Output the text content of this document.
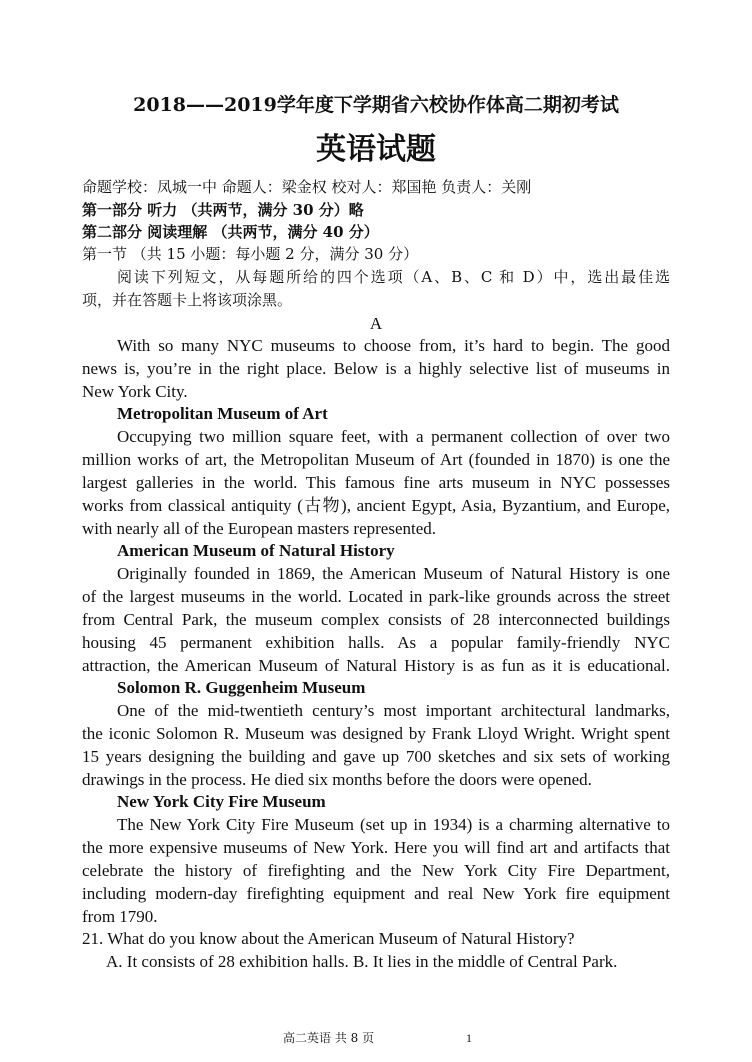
2018——2019学年度下学期省六校协作体高二期初考试
英语试题
命题学校：凤城一中 命题人：梁金权 校对人：郑国艳 负责人：关刚
第一部分 听力 （共两节，满分 30 分）略
第二部分 阅读理解 （共两节，满分 40 分）
第一节 （共 15 小题：每小题 2 分，满分 30 分）
阅读下列短文，从每题所给的四个选项（A、B、C 和 D）中，选出最佳选
项，并在答题卡上将该项涂黑。
A
With so many NYC museums to choose from, it’s hard to begin. The good
news is, you’re in the right place. Below is a highly selective list of museums in
New York City.
Metropolitan Museum of Art
Occupying two million square feet, with a permanent collection of over two
million works of art, the Metropolitan Museum of Art (founded in 1870) is one the
largest galleries in the world. This famous fine arts museum in NYC possesses
works from classical antiquity (古物), ancient Egypt, Asia, Byzantium, and Europe,
with nearly all of the European masters represented.
American Museum of Natural History
Originally founded in 1869, the American Museum of Natural History is one
of the largest museums in the world. Located in park-like grounds across the street
from Central Park, the museum complex consists of 28 interconnected buildings
housing 45 permanent exhibition halls. As a popular family-friendly NYC
attraction, the American Museum of Natural History is as fun as it is educational.
Solomon R. Guggenheim Museum
One of the mid-twentieth century’s most important architectural landmarks,
the iconic Solomon R. Museum was designed by Frank Lloyd Wright. Wright spent
15 years designing the building and gave up 700 sketches and six sets of working
drawings in the process. He died six months before the doors were opened.
New York City Fire Museum
The New York City Fire Museum (set up in 1934) is a charming alternative to
the more expensive museums of New York. Here you will find art and artifacts that
celebrate the history of firefighting and the New York City Fire Department,
including modern-day firefighting equipment and real New York fire equipment
from 1790.
21. What do you know about the American Museum of Natural History?
A. It consists of 28 exhibition halls. B. It lies in the middle of Central Park.
高二英语 共 8 页	1
